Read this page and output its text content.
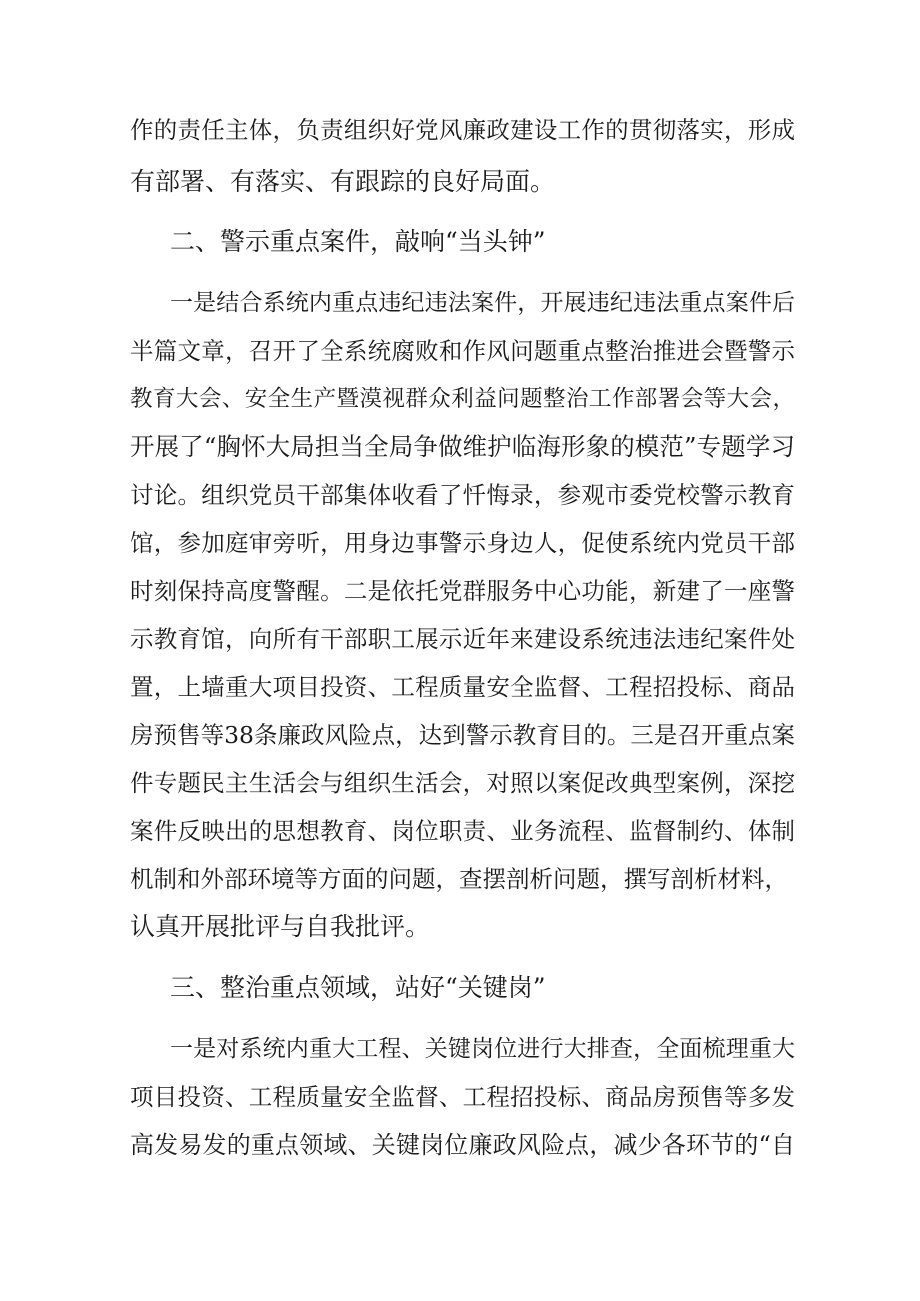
作的责任主体，负责组织好党风廉政建设工作的贯彻落实，形成
有部署、有落实、有跟踪的良好局面。
二、警示重点案件，敲响“当头钟”
一是结合系统内重点违纪违法案件，开展违纪违法重点案件后
半篇文章，召开了全系统腐败和作风问题重点整治推进会暨警示
教育大会、安全生产暨漠视群众利益问题整治工作部署会等大会，
开展了“胸怀大局担当全局争做维护临海形象的模范”专题学习
讨论。组织党员干部集体收看了忏悔录，参观市委党校警示教育
馆，参加庭审旁听，用身边事警示身边人，促使系统内党员干部
时刻保持高度警醒。二是依托党群服务中心功能，新建了一座警
示教育馆，向所有干部职工展示近年来建设系统违法违纪案件处
置，上墙重大项目投资、工程质量安全监督、工程招投标、商品
房预售等38条廉政风险点，达到警示教育目的。三是召开重点案
件专题民主生活会与组织生活会，对照以案促改典型案例，深挖
案件反映出的思想教育、岗位职责、业务流程、监督制约、体制
机制和外部环境等方面的问题，查摆剖析问题，撰写剖析材料，
认真开展批评与自我批评。
三、整治重点领域，站好“关键岗”
一是对系统内重大工程、关键岗位进行大排查，全面梳理重大
项目投资、工程质量安全监督、工程招投标、商品房预售等多发
高发易发的重点领域、关键岗位廉政风险点，减少各环节的“自
